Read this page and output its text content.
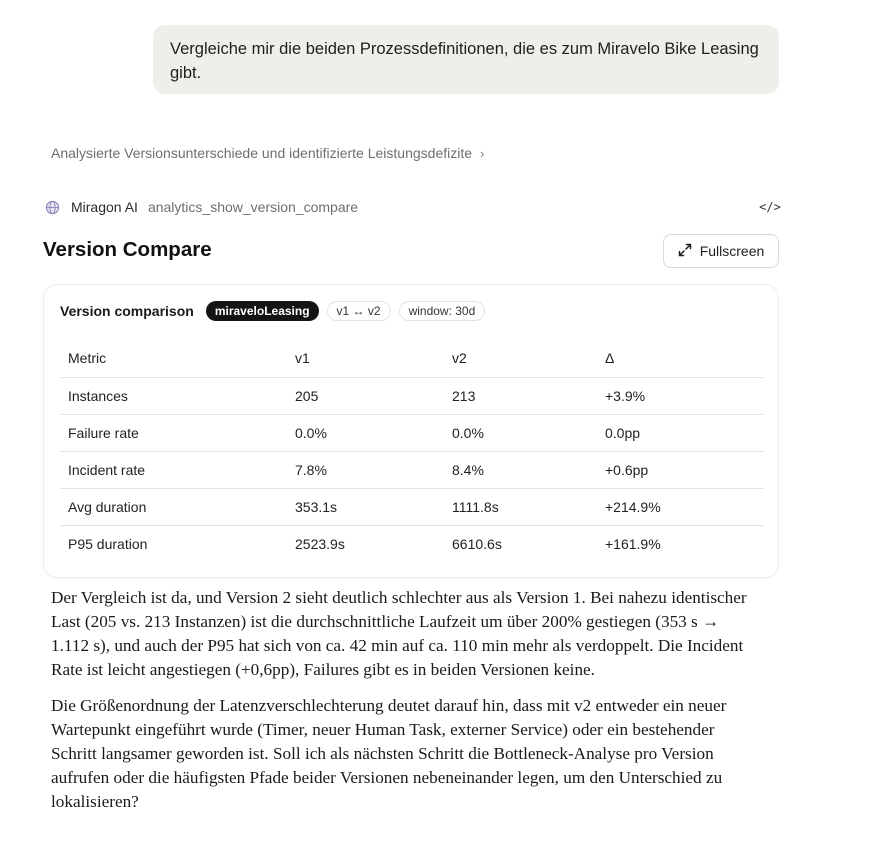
Vergleiche mir die beiden Prozessdefinitionen, die es zum Miravelo Bike Leasing gibt.
Analysierte Versionsunterschiede und identifizierte Leistungsdefizite ›
Miragon AI analytics_show_version_compare	</>
Version Compare	Fullscreen
Version comparison	miraveloLeasing	v1 ↔ v2	window: 30d
Metric	v1	v2	Δ
Instances	205	213	+3.9%
Failure rate	0.0%	0.0%	0.0pp
Incident rate	7.8%	8.4%	+0.6pp
Avg duration	353.1s	1111.8s	+214.9%
P95 duration	2523.9s	6610.6s	+161.9%

Der Vergleich ist da, und Version 2 sieht deutlich schlechter aus als Version 1. Bei nahezu identischer Last (205 vs. 213 Instanzen) ist die durchschnittliche Laufzeit um über 200% gestiegen (353 s → 1.112 s), und auch der P95 hat sich von ca. 42 min auf ca. 110 min mehr als verdoppelt. Die Incident Rate ist leicht angestiegen (+0,6pp), Failures gibt es in beiden Versionen keine.

Die Größenordnung der Latenzverschlechterung deutet darauf hin, dass mit v2 entweder ein neuer Wartepunkt eingeführt wurde (Timer, neuer Human Task, externer Service) oder ein bestehender Schritt langsamer geworden ist. Soll ich als nächsten Schritt die Bottleneck-Analyse pro Version aufrufen oder die häufigsten Pfade beider Versionen nebeneinander legen, um den Unterschied zu lokalisieren?
